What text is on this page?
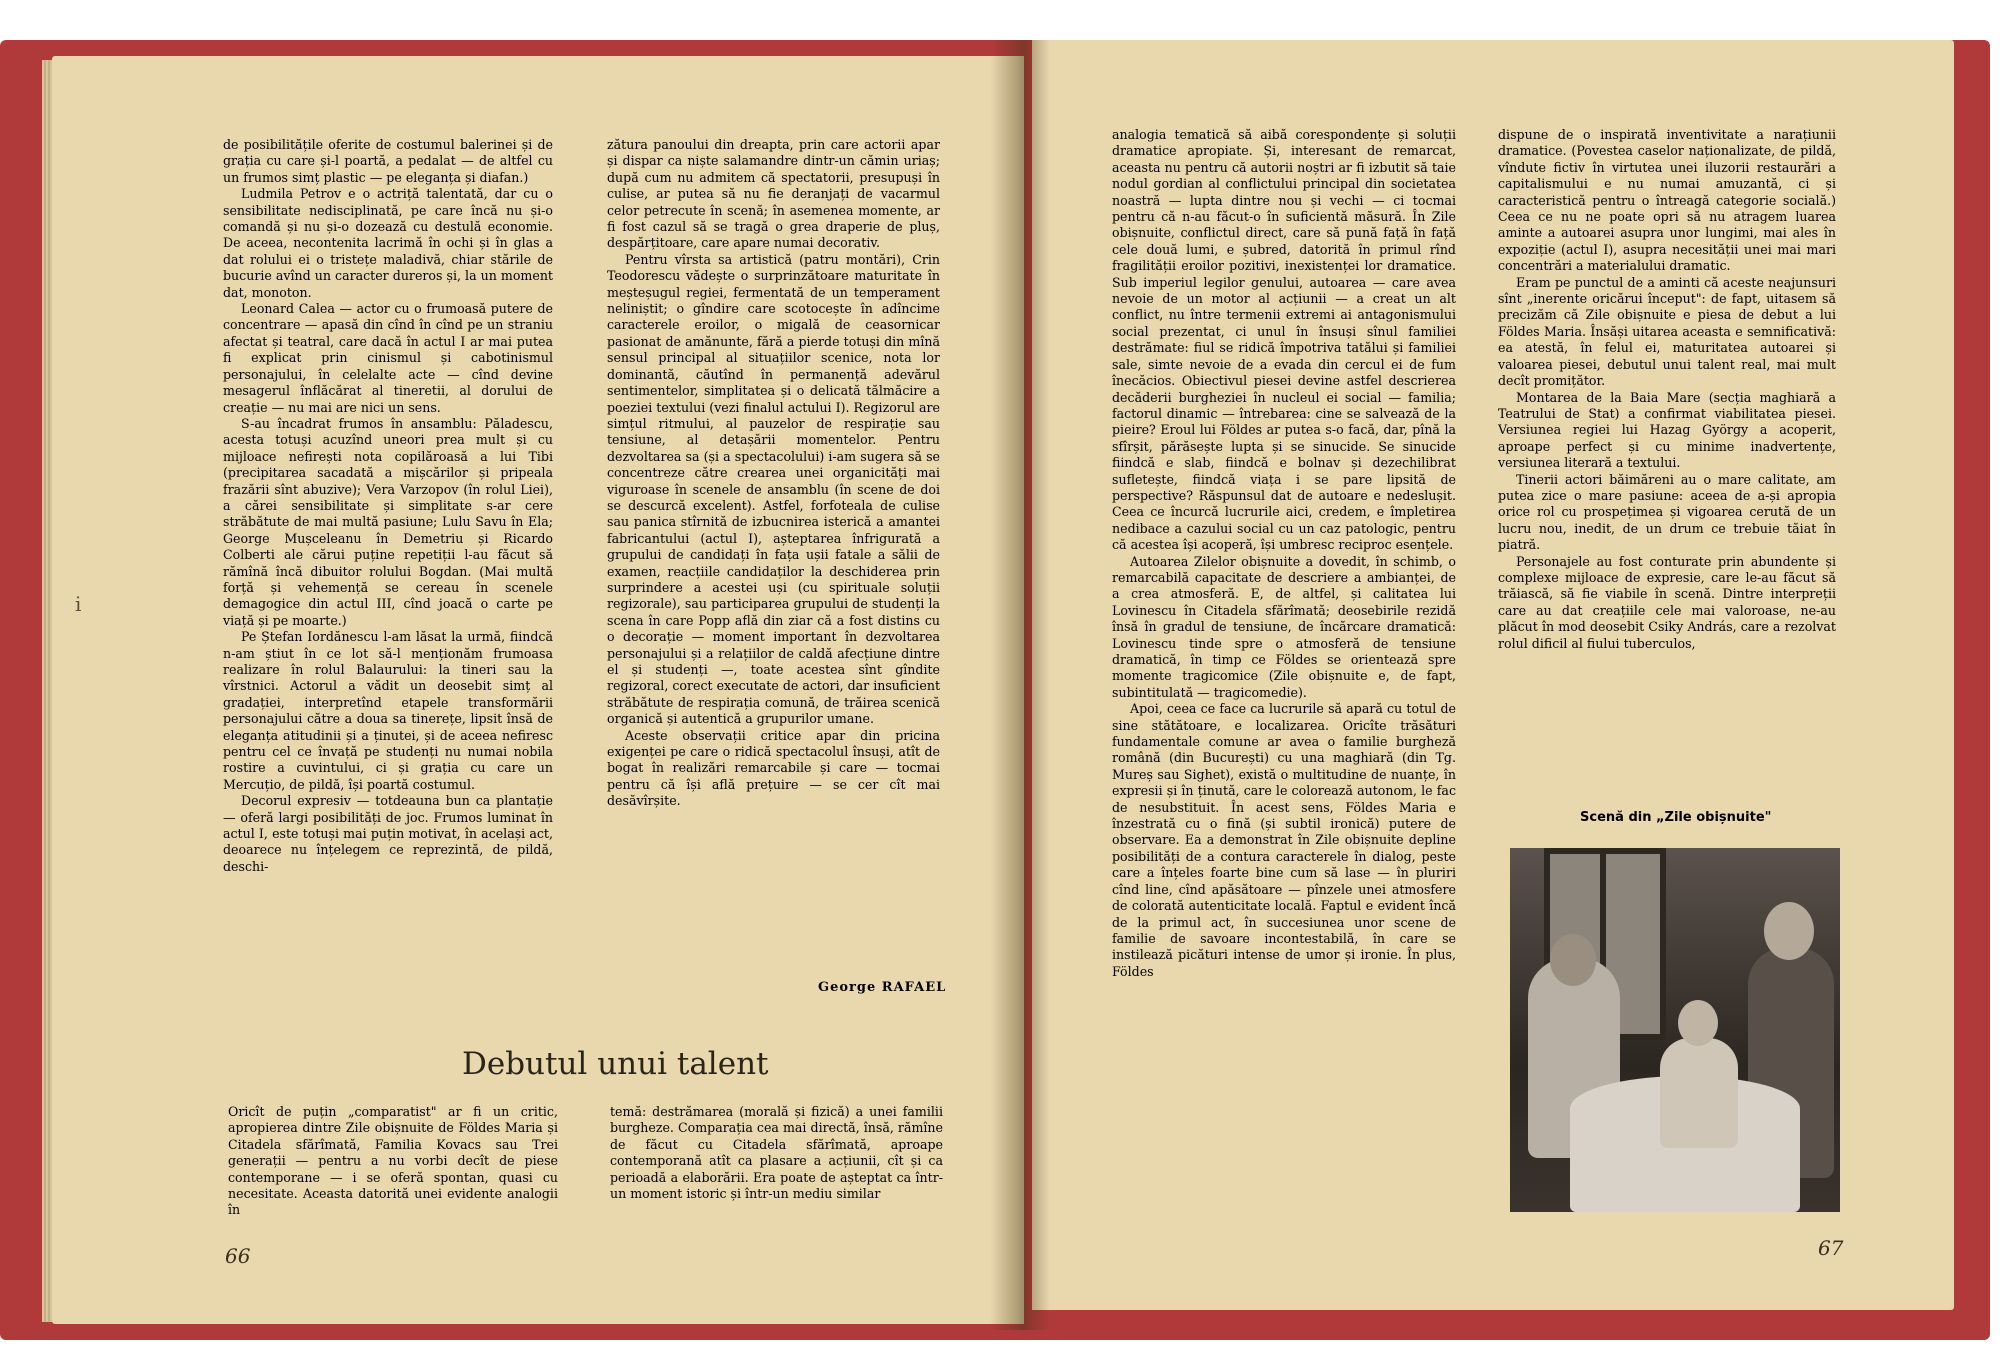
ⅰ

de posibilitățile oferite de costumul balerinei și de grația cu care și-l poartă, a pedalat — de altfel cu un frumos simț plastic — pe eleganța și diafan.)

Ludmila Petrov e o actriță talentată, dar cu o sensibilitate nedisciplinată, pe care încă nu și-o comandă și nu și-o dozează cu destulă economie. De aceea, necontenita lacrimă în ochi și în glas a dat rolului ei o tristețe maladivă, chiar stările de bucurie avînd un caracter dureros și, la un moment dat, monoton.

Leonard Calea — actor cu o frumoasă putere de concentrare — apasă din cînd în cînd pe un straniu afectat și teatral, care dacă în actul I ar mai putea fi explicat prin cinismul și cabotinismul personajului, în celelalte acte — cînd devine mesagerul înflăcărat al tineretii, al dorului de creație — nu mai are nici un sens.

S-au încadrat frumos în ansamblu: Păladescu, acesta totuși acuzînd uneori prea mult și cu mijloace nefirești nota copilăroasă a lui Tibi (precipitarea sacadată a mișcărilor și pripeala frazării sînt abuzive); Vera Varzopov (în rolul Liei), a cărei sensibilitate și simplitate s-ar cere străbătute de mai multă pasiune; Lulu Savu în Ela; George Mușceleanu în Demetriu și Ricardo Colberti ale cărui puține repetiții l-au făcut să rămînă încă dibuitor rolului Bogdan. (Mai multă forță și vehemență se cereau în scenele demagogice din actul III, cînd joacă o carte pe viață și pe moarte.)

Pe Ștefan Iordănescu l-am lăsat la urmă, fiindcă n-am știut în ce lot să-l menționăm frumoasa realizare în rolul Balaurului: la tineri sau la vîrstnici. Actorul a vădit un deosebit simț al gradației, interpretînd etapele transformării personajului către a doua sa tinerețe, lipsit însă de eleganța atitudinii și a ținutei, și de aceea nefiresc pentru cel ce învață pe studenți nu numai nobila rostire a cuvintului, ci și grația cu care un Mercuțio, de pildă, își poartă costumul.

Decorul expresiv — totdeauna bun ca plantație — oferă largi posibilități de joc. Frumos luminat în actul I, este totuși mai puțin motivat, în același act, deoarece nu înțelegem ce reprezintă, de pildă, deschi-

zătura panoului din dreapta, prin care actorii apar și dispar ca niște salamandre dintr-un cămin uriaș; după cum nu admitem că spectatorii, presupuși în culise, ar putea să nu fie deranjați de vacarmul celor petrecute în scenă; în asemenea momente, ar fi fost cazul să se tragă o grea draperie de pluș, despărțitoare, care apare numai decorativ.

Pentru vîrsta sa artistică (patru montări), Crin Teodorescu vădește o surprinzătoare maturitate în meșteșugul regiei, fermentată de un temperament neliniștit; o gîndire care scotocește în adîncime caracterele eroilor, o migală de ceasornicar pasionat de amănunte, fără a pierde totuși din mînă sensul principal al situațiilor scenice, nota lor dominantă, căutînd în permanență adevărul sentimentelor, simplitatea și o delicată tălmăcire a poeziei textului (vezi finalul actului I). Regizorul are simțul ritmului, al pauzelor de respirație sau tensiune, al detașării momentelor. Pentru dezvoltarea sa (și a spectacolului) i-am sugera să se concentreze către crearea unei organicități mai viguroase în scenele de ansamblu (în scene de doi se descurcă excelent). Astfel, forfoteala de culise sau panica stîrnită de izbucnirea isterică a amantei fabricantului (actul I), așteptarea înfrigurată a grupului de candidați în fața ușii fatale a sălii de examen, reacțiile candidaților la deschiderea prin surprindere a acestei uși (cu spirituale soluții regizorale), sau participarea grupului de studenți la scena în care Popp află din ziar că a fost distins cu o decorație — moment important în dezvoltarea personajului și a relațiilor de caldă afecțiune dintre el și studenți —, toate acestea sînt gîndite regizoral, corect executate de actori, dar insuficient străbătute de respirația comună, de trăirea scenică organică și autentică a grupurilor umane.

Aceste observații critice apar din pricina exigenței pe care o ridică spectacolul însuși, atît de bogat în realizări remarcabile și care — tocmai pentru că își află prețuire — se cer cît mai desăvîrșite.

George RAFAEL
Debutul unui talent

Oricît de puțin „comparatist" ar fi un critic, apropierea dintre Zile obișnuite de Földes Maria și Citadela sfărîmată, Familia Kovacs sau Trei generații — pentru a nu vorbi decît de piese contemporane — i se oferă spontan, quasi cu necesitate. Aceasta datorită unei evidente analogii în

temă: destrămarea (morală și fizică) a unei familii burgheze. Comparația cea mai directă, însă, rămîne de făcut cu Citadela sfărîmată, aproape contemporană atît ca plasare a acțiunii, cît și ca perioadă a elaborării. Era poate de așteptat ca într-un moment istoric și într-un mediu similar

66

analogia tematică să aibă corespondențe și soluții dramatice apropiate. Și, interesant de remarcat, aceasta nu pentru că autorii noștri ar fi izbutit să taie nodul gordian al conflictului principal din societatea noastră — lupta dintre nou și vechi — ci tocmai pentru că n-au făcut-o în suficientă măsură. În Zile obișnuite, conflictul direct, care să pună față în față cele două lumi, e șubred, datorită în primul rînd fragilității eroilor pozitivi, inexistenței lor dramatice. Sub imperiul legilor genului, autoarea — care avea nevoie de un motor al acțiunii — a creat un alt conflict, nu între termenii extremi ai antagonismului social prezentat, ci unul în însuși sînul familiei destrămate: fiul se ridică împotriva tatălui și familiei sale, simte nevoie de a evada din cercul ei de fum înecăcios. Obiectivul piesei devine astfel descrierea decăderii burgheziei în nucleul ei social — familia; factorul dinamic — întrebarea: cine se salvează de la pieire? Eroul lui Földes ar putea s-o facă, dar, pînă la sfîrșit, părăsește lupta și se sinucide. Se sinucide fiindcă e slab, fiindcă e bolnav și dezechilibrat sufletește, fiindcă viața i se pare lipsită de perspective? Răspunsul dat de autoare e nedeslușit. Ceea ce încurcă lucrurile aici, credem, e împletirea nedibace a cazului social cu un caz patologic, pentru că acestea își acoperă, își umbresc reciproc esențele.

Autoarea Zilelor obișnuite a dovedit, în schimb, o remarcabilă capacitate de descriere a ambianței, de a crea atmosferă. E, de altfel, și calitatea lui Lovinescu în Citadela sfărîmată; deosebirile rezidă însă în gradul de tensiune, de încărcare dramatică: Lovinescu tinde spre o atmosferă de tensiune dramatică, în timp ce Földes se orientează spre momente tragicomice (Zile obișnuite e, de fapt, subintitulată — tragicomedie).

Apoi, ceea ce face ca lucrurile să apară cu totul de sine stătătoare, e localizarea. Oricîte trăsături fundamentale comune ar avea o familie burgheză română (din București) cu una maghiară (din Tg. Mureș sau Sighet), există o multitudine de nuanțe, în expresii și în ținută, care le colorează autonom, le fac de nesubstituit. În acest sens, Földes Maria e înzestrată cu o fină (și subtil ironică) putere de observare. Ea a demonstrat în Zile obișnuite depline posibilități de a contura caracterele în dialog, peste care a înțeles foarte bine cum să lase — în pluriri cînd line, cînd apăsătoare — pînzele unei atmosfere de colorată autenticitate locală. Faptul e evident încă de la primul act, în succesiunea unor scene de familie de savoare incontestabilă, în care se instilează picături intense de umor și ironie. În plus, Földes

dispune de o inspirată inventivitate a narațiunii dramatice. (Povestea caselor naționalizate, de pildă, vîndute fictiv în virtutea unei iluzorii restaurări a capitalismului e nu numai amuzantă, ci și caracteristică pentru o întreagă categorie socială.) Ceea ce nu ne poate opri să nu atragem luarea aminte a autoarei asupra unor lungimi, mai ales în expoziție (actul I), asupra necesității unei mai mari concentrări a materialului dramatic.

Eram pe punctul de a aminti că aceste neajunsuri sînt „inerente oricărui început": de fapt, uitasem să precizăm că Zile obișnuite e piesa de debut a lui Földes Maria. Însăși uitarea aceasta e semnificativă: ea atestă, în felul ei, maturitatea autoarei și valoarea piesei, debutul unui talent real, mai mult decît promițător.

Montarea de la Baia Mare (secția maghiară a Teatrului de Stat) a confirmat viabilitatea piesei. Versiunea regiei lui Hazag György a acoperit, aproape perfect și cu minime inadvertențe, versiunea literară a textului.

Tinerii actori băimăreni au o mare calitate, am putea zice o mare pasiune: aceea de a-și apropia orice rol cu prospețimea și vigoarea cerută de un lucru nou, inedit, de un drum ce trebuie tăiat în piatră.

Personajele au fost conturate prin abundente și complexe mijloace de expresie, care le-au făcut să trăiască, să fie viabile în scenă. Dintre interpreții care au dat creațiile cele mai valoroase, ne-au plăcut în mod deosebit Csiky András, care a rezolvat rolul dificil al fiului tuberculos,

Scenă din „Zile obișnuite"
67
